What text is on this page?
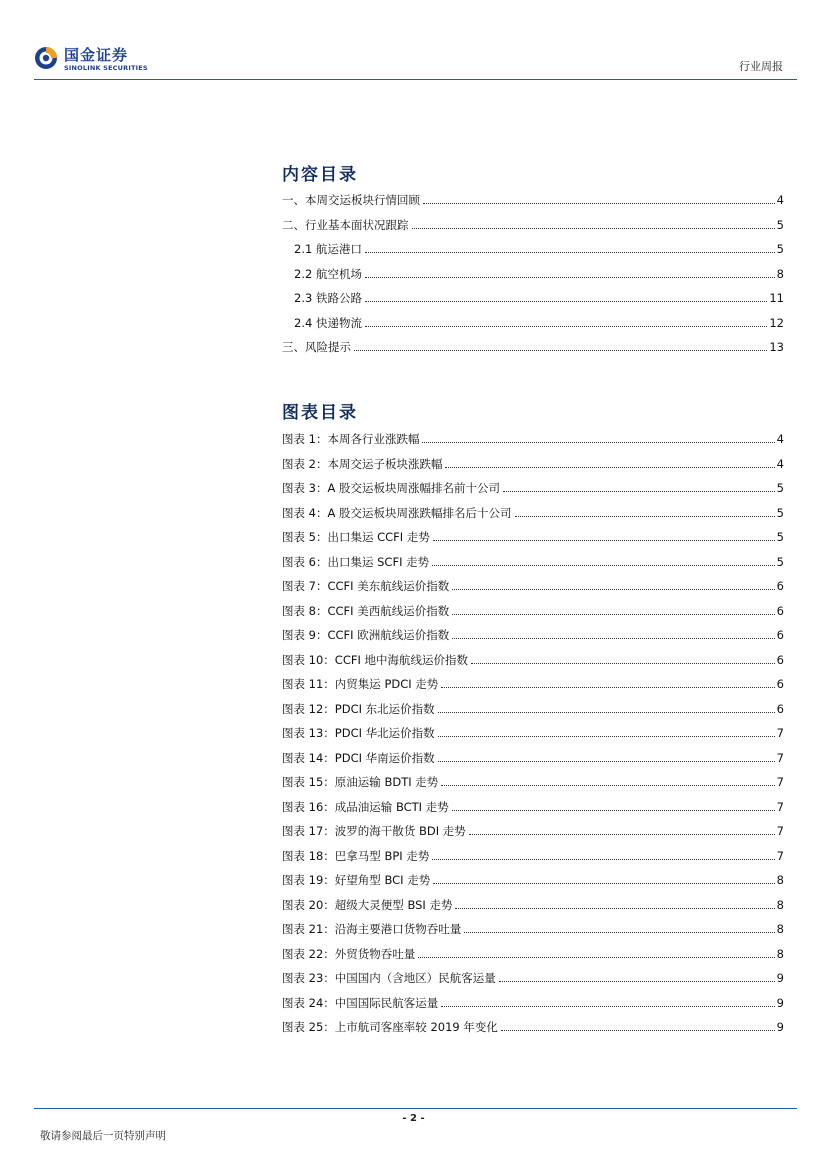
国金证券
SINOLINK SECURITIES	行业周报
内容目录
一、本周交运板块行情回顾	4
二、行业基本面状况跟踪	5
2.1 航运港口	5
2.2 航空机场	8
2.3 铁路公路	11
2.4 快递物流	12
三、风险提示	13
图表目录
图表 1：本周各行业涨跌幅	4
图表 2：本周交运子板块涨跌幅	4
图表 3：A 股交运板块周涨幅排名前十公司	5
图表 4：A 股交运板块周涨跌幅排名后十公司	5
图表 5：出口集运 CCFI 走势	5
图表 6：出口集运 SCFI 走势	5
图表 7：CCFI 美东航线运价指数	6
图表 8：CCFI 美西航线运价指数	6
图表 9：CCFI 欧洲航线运价指数	6
图表 10：CCFI 地中海航线运价指数	6
图表 11：内贸集运 PDCI 走势	6
图表 12：PDCI 东北运价指数	6
图表 13：PDCI 华北运价指数	7
图表 14：PDCI 华南运价指数	7
图表 15：原油运输 BDTI 走势	7
图表 16：成品油运输 BCTI 走势	7
图表 17：波罗的海干散货 BDI 走势	7
图表 18：巴拿马型 BPI 走势	7
图表 19：好望角型 BCI 走势	8
图表 20：超级大灵便型 BSI 走势	8
图表 21：沿海主要港口货物吞吐量	8
图表 22：外贸货物吞吐量	8
图表 23：中国国内（含地区）民航客运量	9
图表 24：中国国际民航客运量	9
图表 25：上市航司客座率较 2019 年变化	9
- 2 -
敬请参阅最后一页特别声明
